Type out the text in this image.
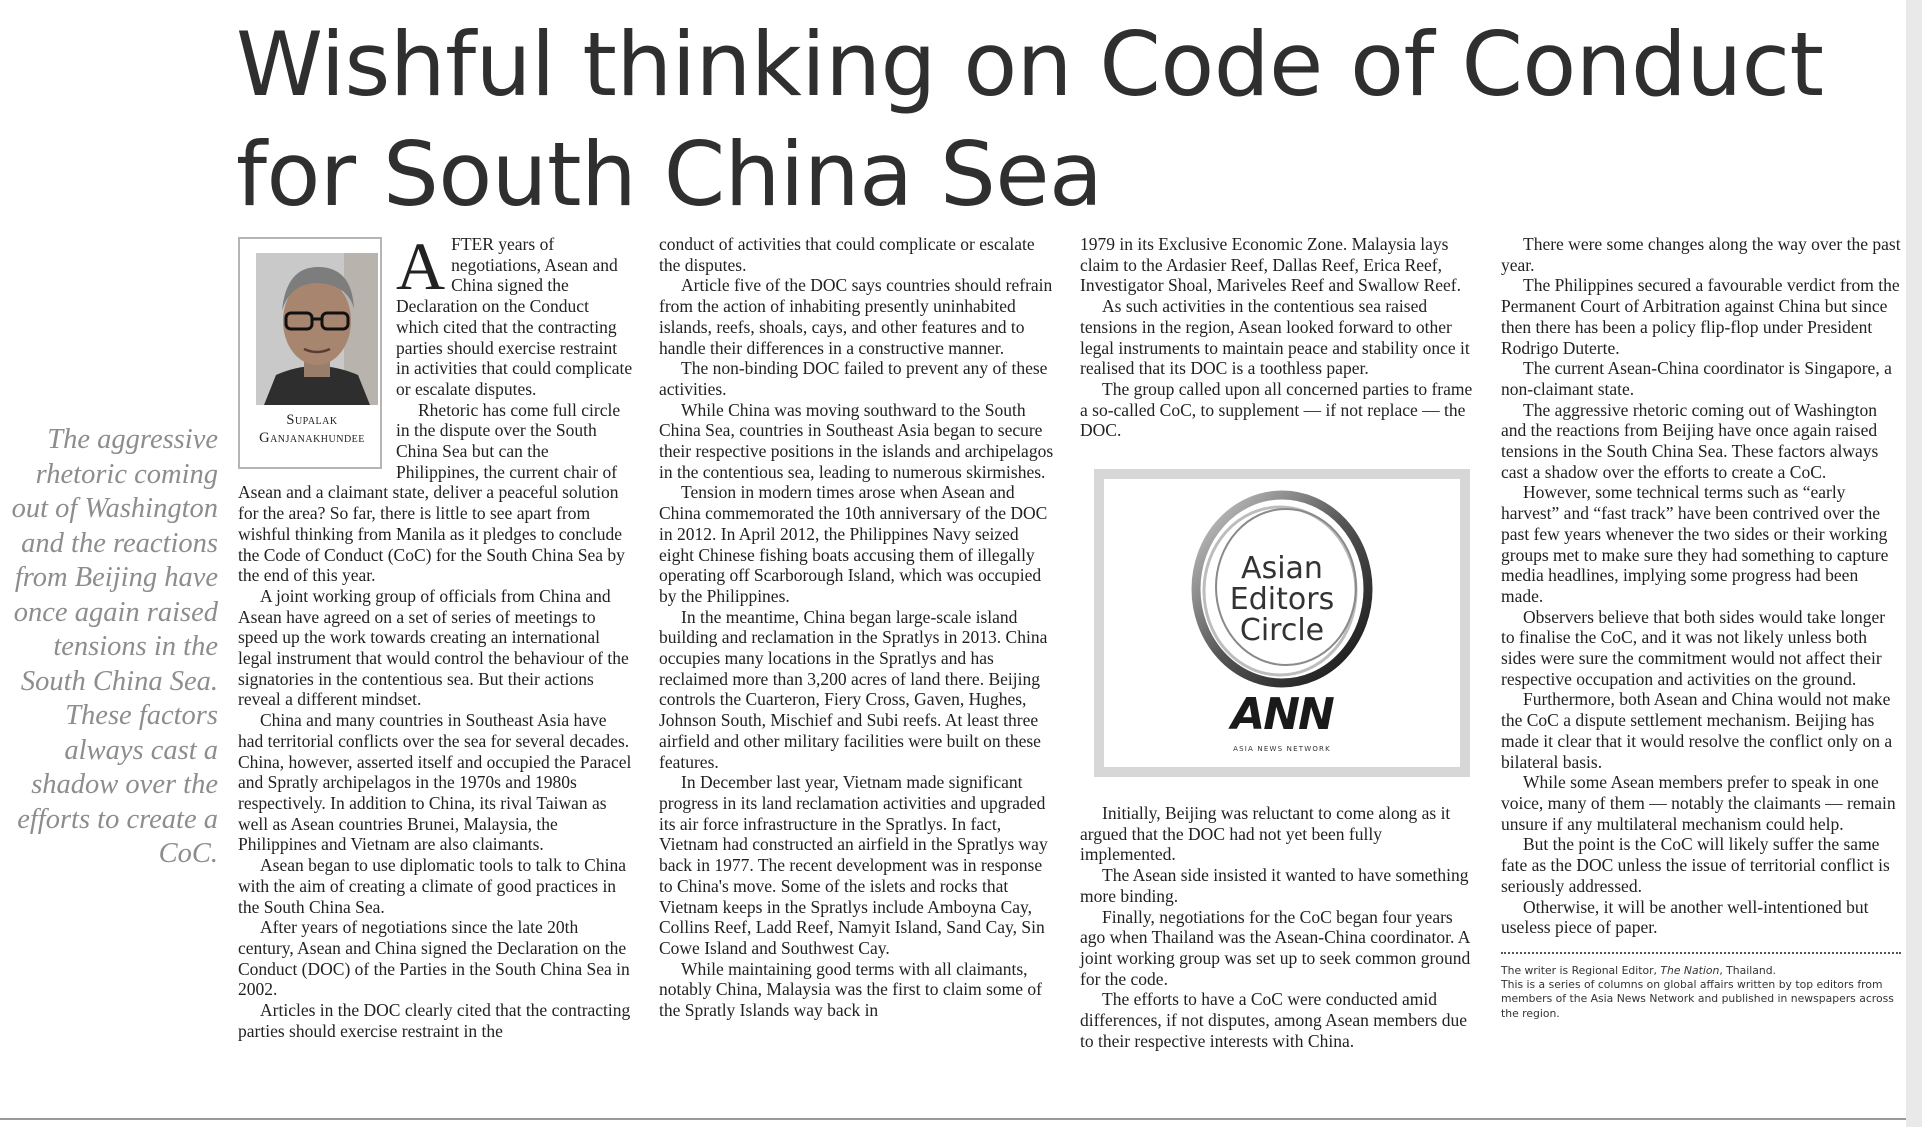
Wishful thinking on Code of Conduct for South China Sea

The aggressive rhetoric coming out of Washington and the reactions from Beijing have once again raised tensions in the South China Sea. These factors always cast a shadow over the efforts to create a CoC.

Supalak
Ganjanakhundee
A FTER years of negotiations, Asean and China signed the Declaration on the Conduct which cited that the contracting parties should exercise restraint in activities that could complicate or escalate disputes.

Rhetoric has come full circle in the dispute over the South China Sea but can the Philippines, the current chair of Asean and a claimant state, deliver a peaceful solution for the area? So far, there is little to see apart from wishful thinking from Manila as it pledges to conclude the Code of Conduct (CoC) for the South China Sea by the end of this year.

A joint working group of officials from China and Asean have agreed on a set of series of meetings to speed up the work towards creating an international legal instrument that would control the behaviour of the signatories in the contentious sea. But their actions reveal a different mindset.

China and many countries in Southeast Asia have had territorial conflicts over the sea for several decades. China, however, asserted itself and occupied the Paracel and Spratly archipelagos in the 1970s and 1980s respectively. In addition to China, its rival Taiwan as well as Asean countries Brunei, Malaysia, the Philippines and Vietnam are also claimants.

Asean began to use diplomatic tools to talk to China with the aim of creating a climate of good practices in the South China Sea.

After years of negotiations since the late 20th century, Asean and China signed the Declaration on the Conduct (DOC) of the Parties in the South China Sea in 2002.

Articles in the DOC clearly cited that the contracting parties should exercise restraint in the

conduct of activities that could complicate or escalate the disputes.

Article five of the DOC says countries should refrain from the action of inhabiting presently uninhabited islands, reefs, shoals, cays, and other features and to handle their differences in a constructive manner.

The non-binding DOC failed to prevent any of these activities.

While China was moving southward to the South China Sea, countries in Southeast Asia began to secure their respective positions in the islands and archipelagos in the contentious sea, leading to numerous skirmishes.

Tension in modern times arose when Asean and China commemorated the 10th anniversary of the DOC in 2012. In April 2012, the Philippines Navy seized eight Chinese fishing boats accusing them of illegally operating off Scarborough Island, which was occupied by the Philippines.

In the meantime, China began large-scale island building and reclamation in the Spratlys in 2013. China occupies many locations in the Spratlys and has reclaimed more than 3,200 acres of land there. Beijing controls the Cuarteron, Fiery Cross, Gaven, Hughes, Johnson South, Mischief and Subi reefs. At least three airfield and other military facilities were built on these features.

In December last year, Vietnam made significant progress in its land reclamation activities and upgraded its air force infrastructure in the Spratlys. In fact, Vietnam had constructed an airfield in the Spratlys way back in 1977. The recent development was in response to China's move. Some of the islets and rocks that Vietnam keeps in the Spratlys include Amboyna Cay, Collins Reef, Ladd Reef, Namyit Island, Sand Cay, Sin Cowe Island and Southwest Cay.

While maintaining good terms with all claimants, notably China, Malaysia was the first to claim some of the Spratly Islands way back in

1979 in its Exclusive Economic Zone. Malaysia lays claim to the Ardasier Reef, Dallas Reef, Erica Reef, Investigator Shoal, Mariveles Reef and Swallow Reef.

As such activities in the contentious sea raised tensions in the region, Asean looked forward to other legal instruments to maintain peace and stability once it realised that its DOC is a toothless paper.

The group called upon all concerned parties to frame a so-called CoC, to supplement — if not replace — the DOC.

Asian
Editors
Circle
ANN
ASIA NEWS NETWORK

Initially, Beijing was reluctant to come along as it argued that the DOC had not yet been fully implemented.

The Asean side insisted it wanted to have something more binding.

Finally, negotiations for the CoC began four years ago when Thailand was the Asean-China coordinator. A joint working group was set up to seek common ground for the code.

The efforts to have a CoC were conducted amid differences, if not disputes, among Asean members due to their respective interests with China.

There were some changes along the way over the past year.

The Philippines secured a favourable verdict from the Permanent Court of Arbitration against China but since then there has been a policy flip-flop under President Rodrigo Duterte.

The current Asean-China coordinator is Singapore, a non-claimant state.

The aggressive rhetoric coming out of Washington and the reactions from Beijing have once again raised tensions in the South China Sea. These factors always cast a shadow over the efforts to create a CoC.

However, some technical terms such as “early harvest” and “fast track” have been contrived over the past few years whenever the two sides or their working groups met to make sure they had something to capture media headlines, implying some progress had been made.

Observers believe that both sides would take longer to finalise the CoC, and it was not likely unless both sides were sure the commitment would not affect their respective occupation and activities on the ground.

Furthermore, both Asean and China would not make the CoC a dispute settlement mechanism. Beijing has made it clear that it would resolve the conflict only on a bilateral basis.

While some Asean members prefer to speak in one voice, many of them — notably the claimants — remain unsure if any multilateral mechanism could help.

But the point is the CoC will likely suffer the same fate as the DOC unless the issue of territorial conflict is seriously addressed.

Otherwise, it will be another well-intentioned but useless piece of paper.

The writer is Regional Editor, The Nation, Thailand.
This is a series of columns on global affairs written by top editors from members of the Asia News Network and published in newspapers across the region.
